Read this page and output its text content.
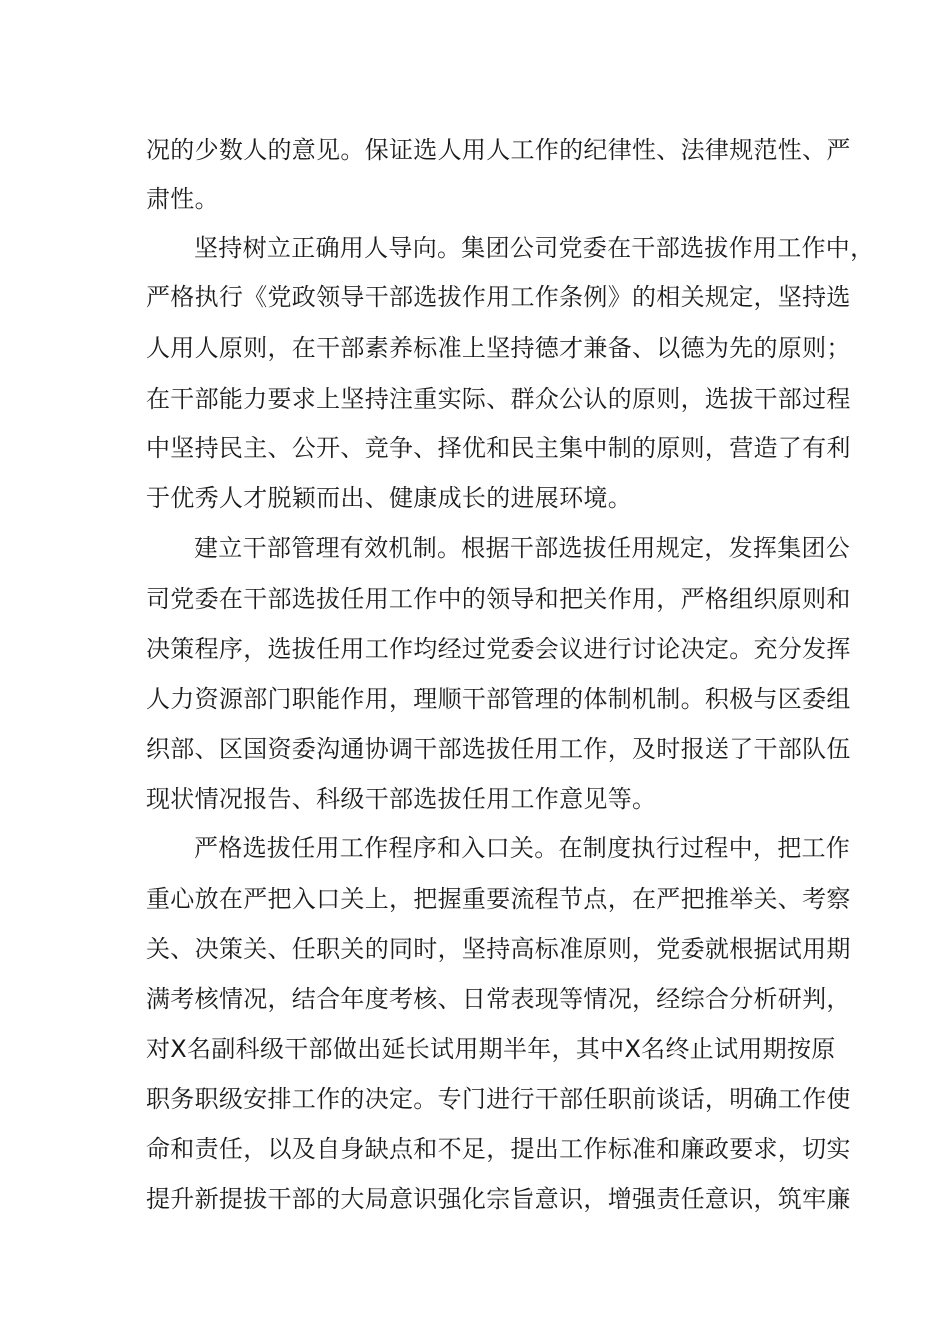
况的少数人的意见。保证选人用人工作的纪律性、法律规范性、严
肃性。
坚持树立正确用人导向。集团公司党委在干部选拔作用工作中，
严格执行《党政领导干部选拔作用工作条例》的相关规定，坚持选
人用人原则，在干部素养标准上坚持德才兼备、以德为先的原则；
在干部能力要求上坚持注重实际、群众公认的原则，选拔干部过程
中坚持民主、公开、竞争、择优和民主集中制的原则，营造了有利
于优秀人才脱颖而出、健康成长的进展环境。
建立干部管理有效机制。根据干部选拔任用规定，发挥集团公
司党委在干部选拔任用工作中的领导和把关作用，严格组织原则和
决策程序，选拔任用工作均经过党委会议进行讨论决定。充分发挥
人力资源部门职能作用，理顺干部管理的体制机制。积极与区委组
织部、区国资委沟通协调干部选拔任用工作，及时报送了干部队伍
现状情况报告、科级干部选拔任用工作意见等。
严格选拔任用工作程序和入口关。在制度执行过程中，把工作
重心放在严把入口关上，把握重要流程节点，在严把推举关、考察
关、决策关、任职关的同时，坚持高标准原则，党委就根据试用期
满考核情况，结合年度考核、日常表现等情况，经综合分析研判，
对X名副科级干部做出延长试用期半年，其中X名终止试用期按原
职务职级安排工作的决定。专门进行干部任职前谈话，明确工作使
命和责任，以及自身缺点和不足，提出工作标准和廉政要求，切实
提升新提拔干部的大局意识强化宗旨意识，增强责任意识，筑牢廉
